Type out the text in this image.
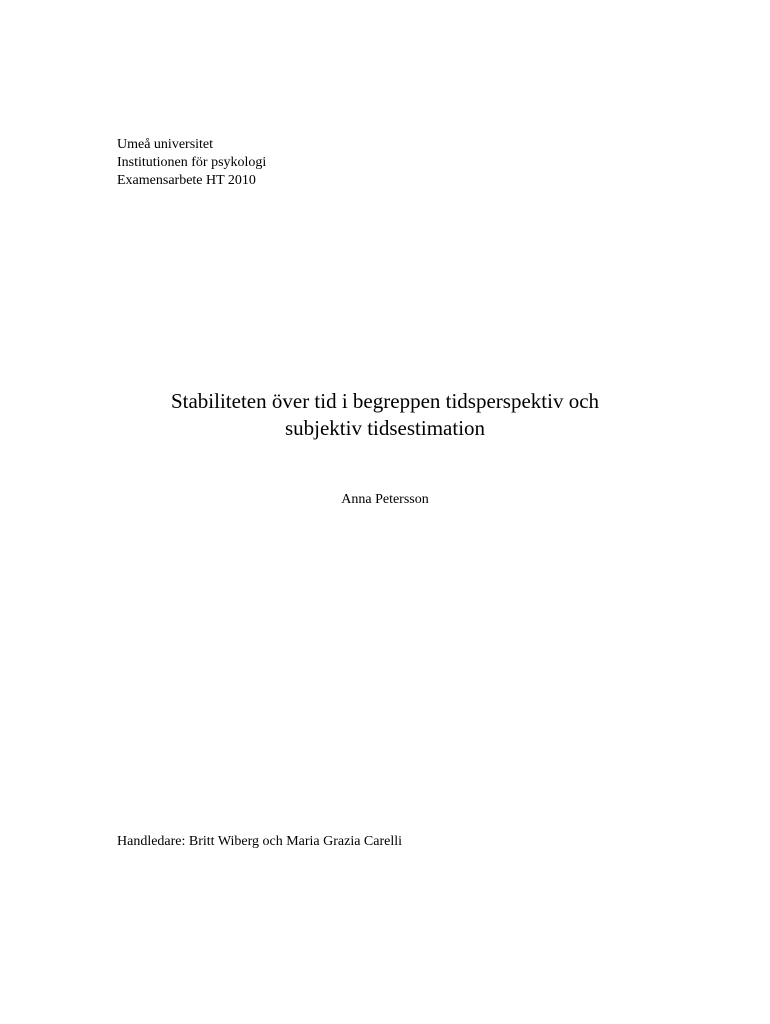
Umeå universitet
Institutionen för psykologi
Examensarbete HT 2010
Stabiliteten över tid i begreppen tidsperspektiv och
subjektiv tidsestimation
Anna Petersson
Handledare: Britt Wiberg och Maria Grazia Carelli
